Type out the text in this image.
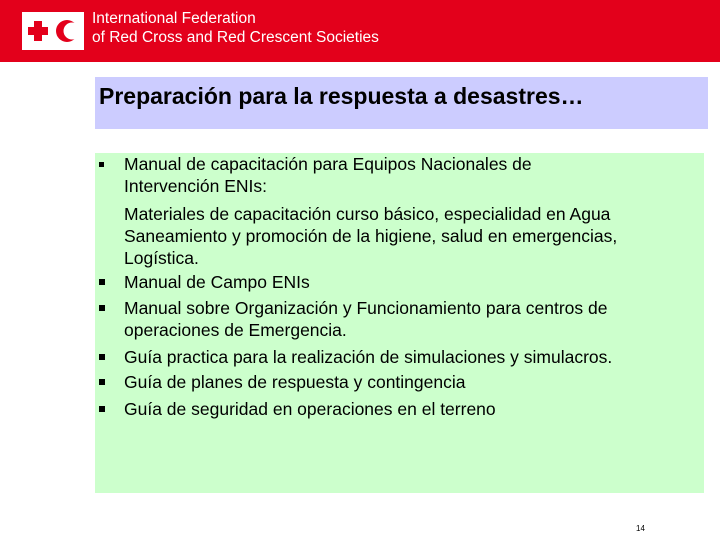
International Federation
of Red Cross and Red Crescent Societies
Preparación para la respuesta a desastres…
Manual de capacitación para Equipos Nacionales de
Intervención ENIs:
Materiales de capacitación curso básico, especialidad en Agua
Saneamiento y promoción de la higiene, salud en emergencias,
Logística.
Manual de Campo ENIs
Manual sobre Organización y Funcionamiento para centros de
operaciones de Emergencia.
Guía practica para la realización de simulaciones y simulacros.
Guía de planes de respuesta y contingencia
Guía de seguridad en operaciones en el terreno
14
